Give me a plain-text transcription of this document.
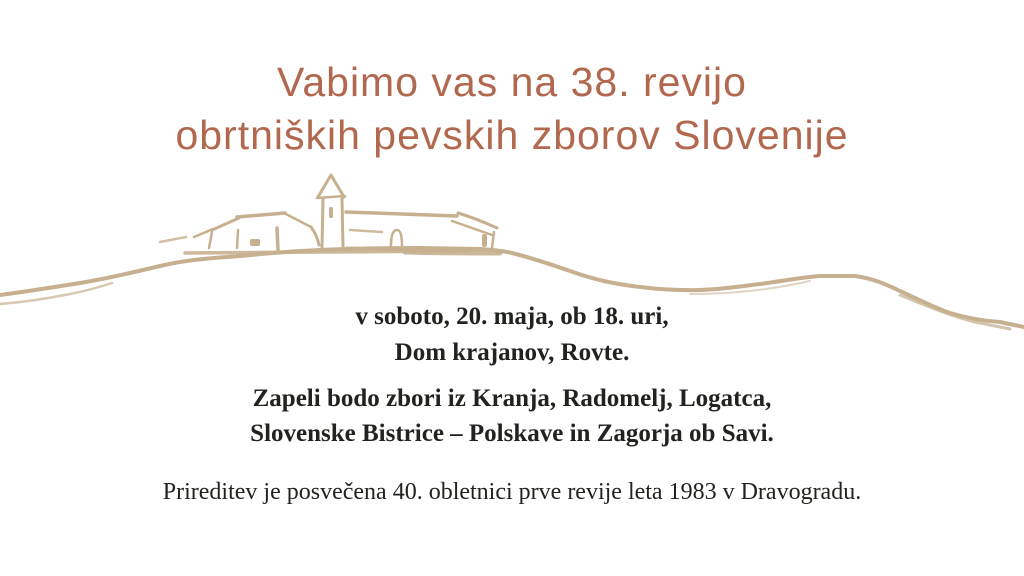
Vabimo vas na 38. revijo
obrtniških pevskih zborov Slovenije

v soboto, 20. maja, ob 18. uri,

Dom krajanov, Rovte.

Zapeli bodo zbori iz Kranja, Radomelj, Logatca,

Slovenske Bistrice – Polskave in Zagorja ob Savi.

Prireditev je posvečena 40. obletnici prve revije leta 1983 v Dravogradu.
